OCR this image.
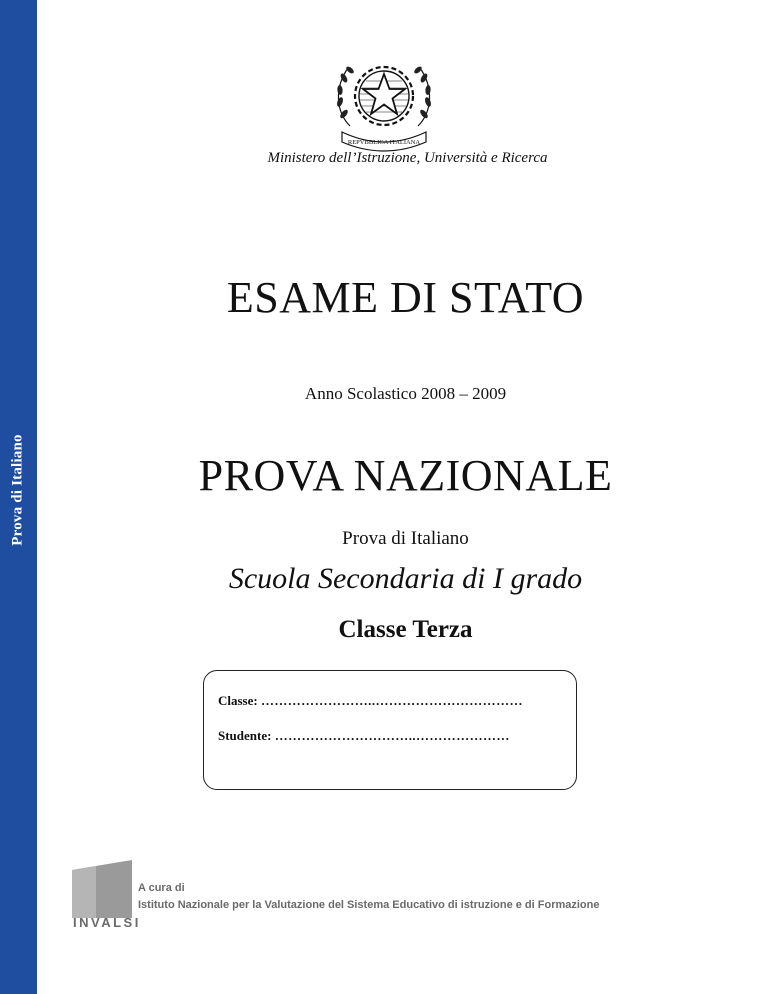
Prova di Italiano
REPVBBLICA ITALIANA
Ministero dell’Istruzione, Università e Ricerca
ESAME DI STATO
Anno Scolastico 2008 – 2009
PROVA NAZIONALE
Prova di Italiano
Scuola Secondaria di I grado
Classe Terza
Classe: ……………………..……………………………
Studente: …………………………..…………………
INVALSI
A cura di
Istituto Nazionale per la Valutazione del Sistema Educativo di istruzione e di Formazione
